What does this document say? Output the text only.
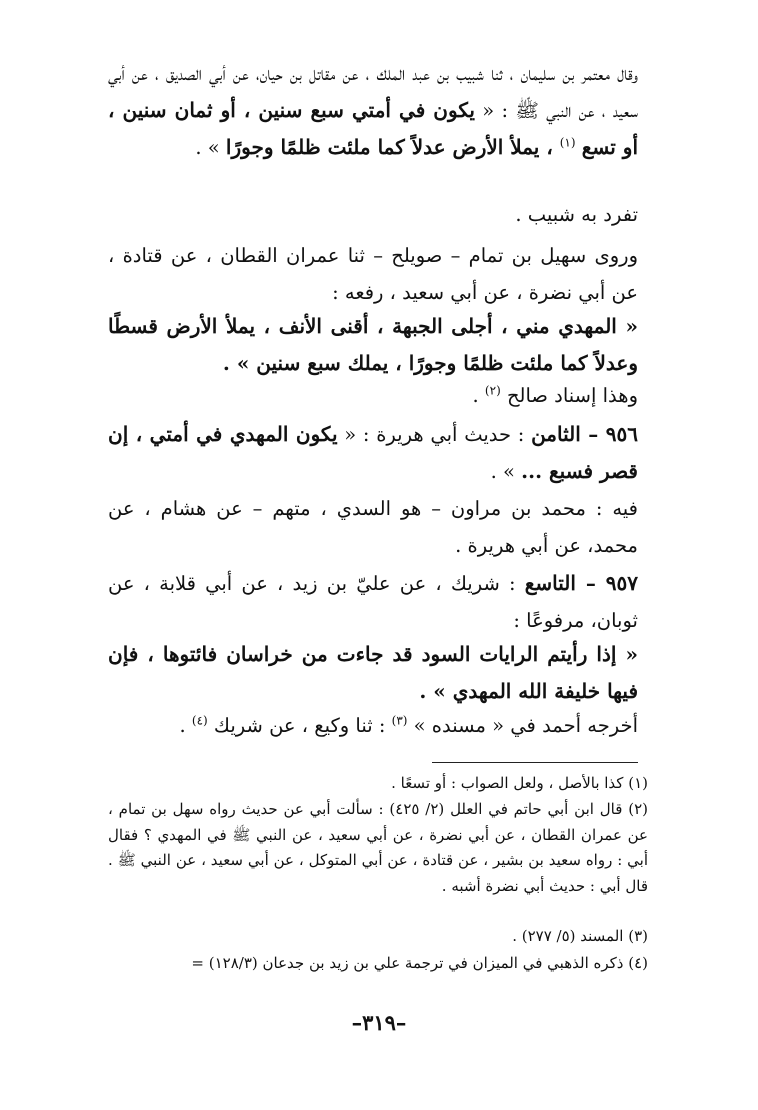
وقال معتمر بن سليمان ، ثنا شبيب بن عبد الملك ، عن مقاتل بن حيان، عن أبي الصديق ، عن أبي سعيد ، عن النبي ﷺ : « يكون في أمتي سبع سنين ، أو ثمان سنين ، أو تسع $^{(١)}$ ، يملأ الأرض عدلاً كما ملئت ظلمًا وجورًا » .

تفرد به شبيب .

وروى سهيل بن تمام – صويلح – ثنا عمران القطان ، عن قتادة ، عن أبي نضرة ، عن أبي سعيد ، رفعه :

« المهدي مني ، أجلى الجبهة ، أقنى الأنف ، يملأ الأرض قسطًا وعدلاً كما ملئت ظلمًا وجورًا ، يملك سبع سنين » .

وهذا إسناد صالح $^{(٢)}$ .

٩٥٦ – الثامن : حديث أبي هريرة : « يكون المهدي في أمتي ، إن قصر فسبع ... » .

فيه : محمد بن مراون – هو السدي ، متهم – عن هشام ، عن محمد، عن أبي هريرة .

٩٥٧ – التاسع : شريك ، عن عليّ بن زيد ، عن أبي قلابة ، عن ثوبان، مرفوعًا :

« إذا رأيتم الرايات السود قد جاءت من خراسان فائتوها ، فإن فيها خليفة الله المهدي » .

أخرجه أحمد في « مسنده » $^{(٣)}$ : ثنا وكيع ، عن شريك $^{(٤)}$ .

(١) كذا بالأصل ، ولعل الصواب : أو تسعًا .

(٢) قال ابن أبي حاتم في العلل (٢/ ٤٢٥) : سألت أبي عن حديث رواه سهل بن تمام ، عن عمران القطان ، عن أبي نضرة ، عن أبي سعيد ، عن النبي ﷺ في المهدي ؟ فقال أبي : رواه سعيد بن بشير ، عن قتادة ، عن أبي المتوكل ، عن أبي سعيد ، عن النبي ﷺ . قال أبي : حديث أبي نضرة أشبه .

(٣) المسند (٥/ ٢٧٧) .

(٤) ذكره الذهبي في الميزان في ترجمة علي بن زيد بن جدعان (١٢٨/٣) =

–٣١٩–
